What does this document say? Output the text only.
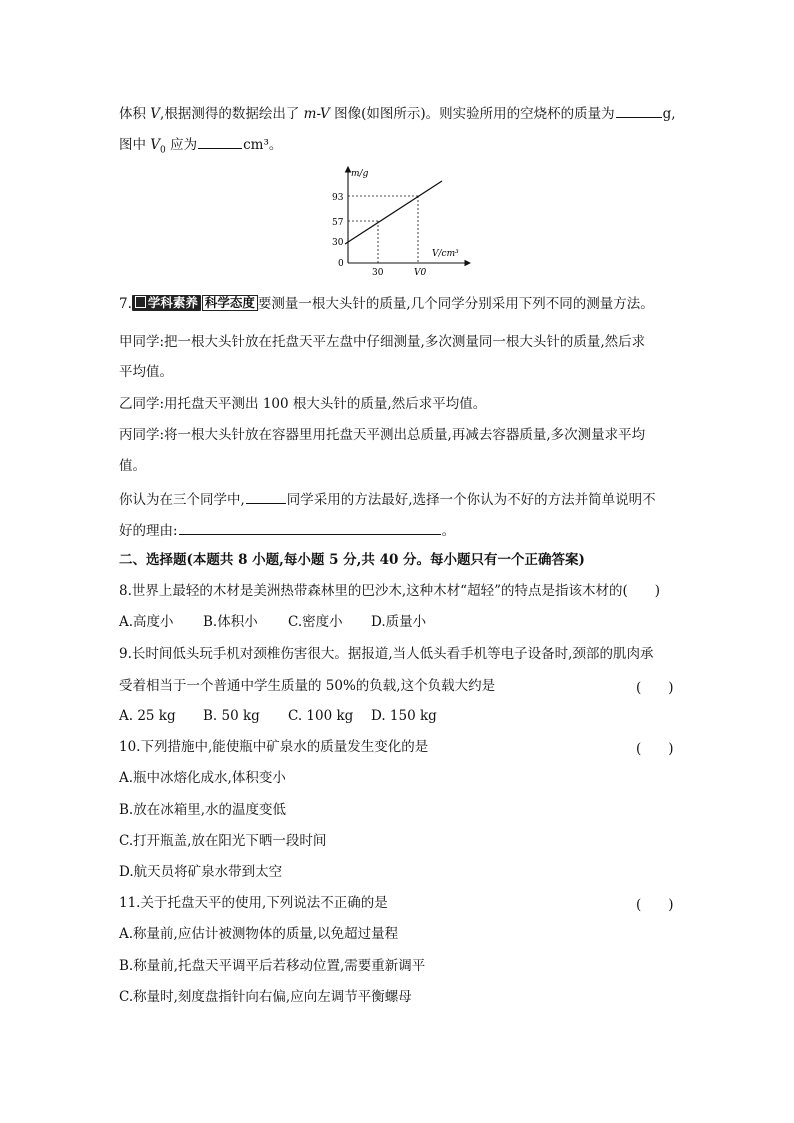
体积 V,根据测得的数据绘出了 m-V 图像(如图所示)。则实验所用的空烧杯的质量为	g,
图中 $V_0$ 应为	cm³。
m/g
V/cm³
93
57
30
0
30	V0
7. 学科素养 科学态度 要测量一根大头针的质量,几个同学分别采用下列不同的测量方法。
甲同学:把一根大头针放在托盘天平左盘中仔细测量,多次测量同一根大头针的质量,然后求
平均值。
乙同学:用托盘天平测出 100 根大头针的质量,然后求平均值。
丙同学:将一根大头针放在容器里用托盘天平测出总质量,再减去容器质量,多次测量求平均
值。
你认为在三个同学中,	同学采用的方法最好,选择一个你认为不好的方法并简单说明不
好的理由:	。
二、选择题(本题共 8 小题,每小题 5 分,共 40 分。每小题只有一个正确答案)
8.世界上最轻的木材是美洲热带森林里的巴沙木,这种木材“超轻”的特点是指该木材的(　　)
A.高度小 B.体积小 C.密度小 D.质量小
9.长时间低头玩手机对颈椎伤害很大。据报道,当人低头看手机等电子设备时,颈部的肌肉承
受着相当于一个普通中学生质量的 50%的负载,这个负载大约是	(　　)
A. 25 kg B. 50 kg C. 100 kg D. 150 kg
10.下列措施中,能使瓶中矿泉水的质量发生变化的是	(　　)
A.瓶中冰熔化成水,体积变小
B.放在冰箱里,水的温度变低
C.打开瓶盖,放在阳光下晒一段时间
D.航天员将矿泉水带到太空
11.关于托盘天平的使用,下列说法不正确的是	(　　)
A.称量前,应估计被测物体的质量,以免超过量程
B.称量前,托盘天平调平后若移动位置,需要重新调平
C.称量时,刻度盘指针向右偏,应向左调节平衡螺母
